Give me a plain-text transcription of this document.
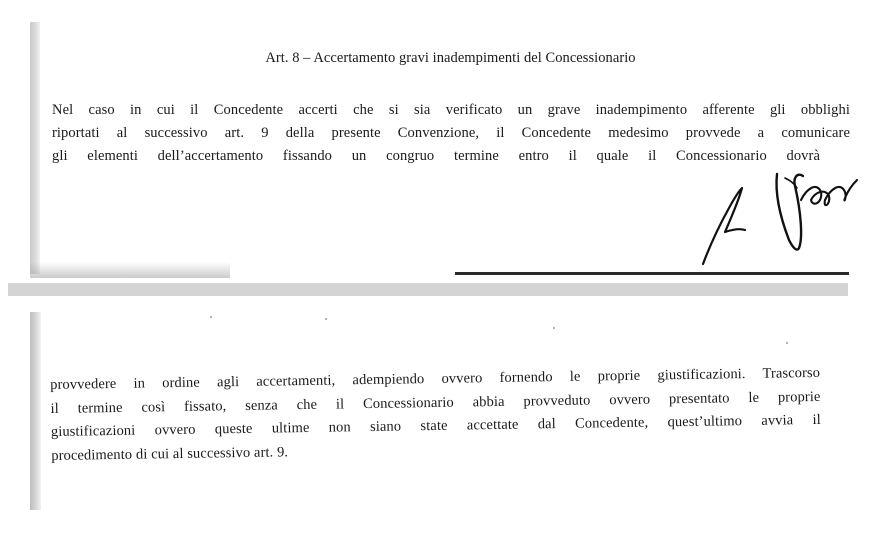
Art. 8 – Accertamento gravi inadempimenti del Concessionario
Nel caso in cui il Concedente accerti che si sia verificato un grave inadempimento afferente gli obblighi
riportati al successivo art. 9 della presente Convenzione, il Concedente medesimo provvede a comunicare
gli elementi dell’accertamento fissando un congruo termine entro il quale il Concessionario dovrà
provvedere in ordine agli accertamenti, adempiendo ovvero fornendo le proprie giustificazioni. Trascorso
il termine così fissato, senza che il Concessionario abbia provveduto ovvero presentato le proprie
giustificazioni ovvero queste ultime non siano state accettate dal Concedente, quest’ultimo avvia il
procedimento di cui al successivo art. 9.
